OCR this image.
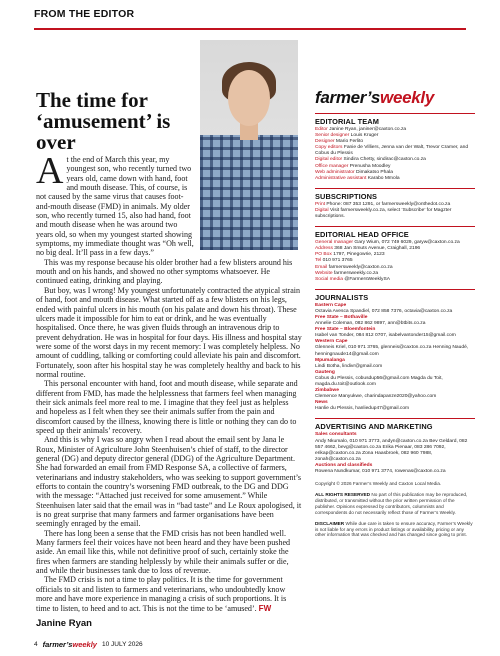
FROM THE EDITOR
The time for ‘amusement’ is over

At the end of March this year, my youngest son, who recently turned two years old, came down with hand, foot and mouth disease. This, of course, is not caused by the same virus that causes foot-and-mouth disease (FMD) in animals. My older son, who recently turned 15, also had hand, foot and mouth disease when he was around two years old, so when my youngest started showing symptoms, my immediate thought was “Oh well, no big deal. It’ll pass in a few days.”

This was my response because his older brother had a few blisters around his mouth and on his hands, and showed no other symptoms whatsoever. He continued eating, drinking and playing.

But boy, was I wrong! My youngest unfortunately contracted the atypical strain of hand, foot and mouth disease. What started off as a few blisters on his legs, ended with painful ulcers in his mouth (on his palate and down his throat). These ulcers made it impossible for him to eat or drink, and he was eventually hospitalised. Once there, he was given fluids through an intravenous drip to prevent dehydration. He was in hospital for four days. His illness and hospital stay were some of the worst days in my recent memory: I was completely helpless. No amount of cuddling, talking or comforting could alleviate his pain and discomfort. Fortunately, soon after his hospital stay he was completely healthy and back to his normal routine.

This personal encounter with hand, foot and mouth disease, while separate and different from FMD, has made the helplessness that farmers feel when managing their sick animals feel more real to me. I imagine that they feel just as helpless and hopeless as I felt when they see their animals suffer from the pain and discomfort caused by the illness, knowing there is little or nothing they can do to speed up their animals’ recovery.

And this is why I was so angry when I read about the email sent by Jana le Roux, Minister of Agriculture John Steenhuisen’s chief of staff, to the director general (DG) and deputy director general (DDG) of the Agriculture Department. She had forwarded an email from FMD Response SA, a collective of farmers, veterinarians and industry stakeholders, who was seeking to support government’s efforts to contain the country’s worsening FMD outbreak, to the DG and DDG with the message: “Attached just received for some amusement.” While Steenhuisen later said that the email was in “bad taste” and Le Roux apologised, it is no great surprise that many farmers and farmer organisations have been seemingly enraged by the email.

There has long been a sense that the FMD crisis has not been handled well. Many farmers feel their voices have not been heard and they have been pushed aside. An email like this, while not definitive proof of such, certainly stoke the fires when farmers are standing helplessly by while their animals suffer or die, and while their businesses tank due to loss of revenue.

The FMD crisis is not a time to play politics. It is the time for government officials to sit and listen to farmers and veterinarians, who undoubtedly know more and have more experience in managing a crisis of such proportions. It is time to listen, to heed and to act. This is not the time to be ‘amused’. FW

Janine Ryan
4 farmer’sweekly 10 JULY 2026
farmer’sweekly
EDITORIAL TEAM
Editor Janine Ryan, janiner@caxton.co.za
Senior designer Louis Kruger
Designer Mario Ferlito
Copy editors Fanie de Villiers, Jenna van der Walt, Trevor Cramer, and Cobus du Plessis
Digital editor Sindira Chetty, sindirac@caxton.co.za
Office manager Prenusha Moodley
Web administrator Dimakatso Phala
Administrative assistant Karabo Mmola
SUBSCRIPTIONS
Print Phone: 087 353 1291, or farmersweekly@onthedot.co.za
Digital Visit farmersweekly.co.za, select ‘Subscribe’ for Magzter subscriptions.
EDITORIAL HEAD OFFICE
General manager Gary Wium, 072 749 6029, garyw@caxton.co.za
Address 368 Jan Smuts Avenue, Craighall, 2196
PO Box 1797, Pinegowrie, 2123
Tel 010 971 3765
Email farmersweekly@caxton.co.za
Website farmersweekly.co.za
Social media @FarmersWeeklySA
JOURNALISTS
Eastern Cape
Octavia Avesca Spandiel, 072 858 7376, octavia@caxton.co.za
Free State – Bothaville
Annelie Coleman, 082 862 9897, ann@btbits.co.za
Free State – Bloemfontein
Isabel van Tonder, 084 812 0707, isabelvantonder15@gmail.com
Western Cape
Glenneis Kriel, 010 971 3765, glenneis@caxton.co.za Henning Naudé, henningnaude14@gmail.com
Mpumalanga
Lindi Botha, lindivr@gmail.com
Gauteng
Cobus du Plessis, cobusdup56@gmail.com Magda du Toit, magda.du.toit@outlook.com
Zimbabwe
Clemence Manyukwe, charindapanze2020@yahoo.com
News
Hanlie du Plessis, hanliedup47@gmail.com
ADVERTISING AND MARKETING
Sales consultants
Andy Nkumalo, 010 971 3773, andyn@caxton.co.za Bev Geldard, 082 557 4662, bevg@caxton.co.za Erika Pienaar, 083 286 7092, erikap@caxton.co.za Zona Haasbroek, 082 960 7988, zonah@caxton.co.za
Auctions and classifieds
Rowena Nundkumar, 010 971 3774, rowenas@caxton.co.za
Copyright © 2026 Farmer’s Weekly and Caxton Local Media.
ALL RIGHTS RESERVED No part of this publication may be reproduced, distributed, or transmitted without the prior written permission of the publisher. Opinions expressed by contributors, columnists and correspondents do not necessarily reflect those of Farmer’s Weekly.
DISCLAIMER While due care is taken to ensure accuracy, Farmer’s Weekly is not liable for any errors in product listings or availability, pricing or any other information that was checked and has changed since going to print.
